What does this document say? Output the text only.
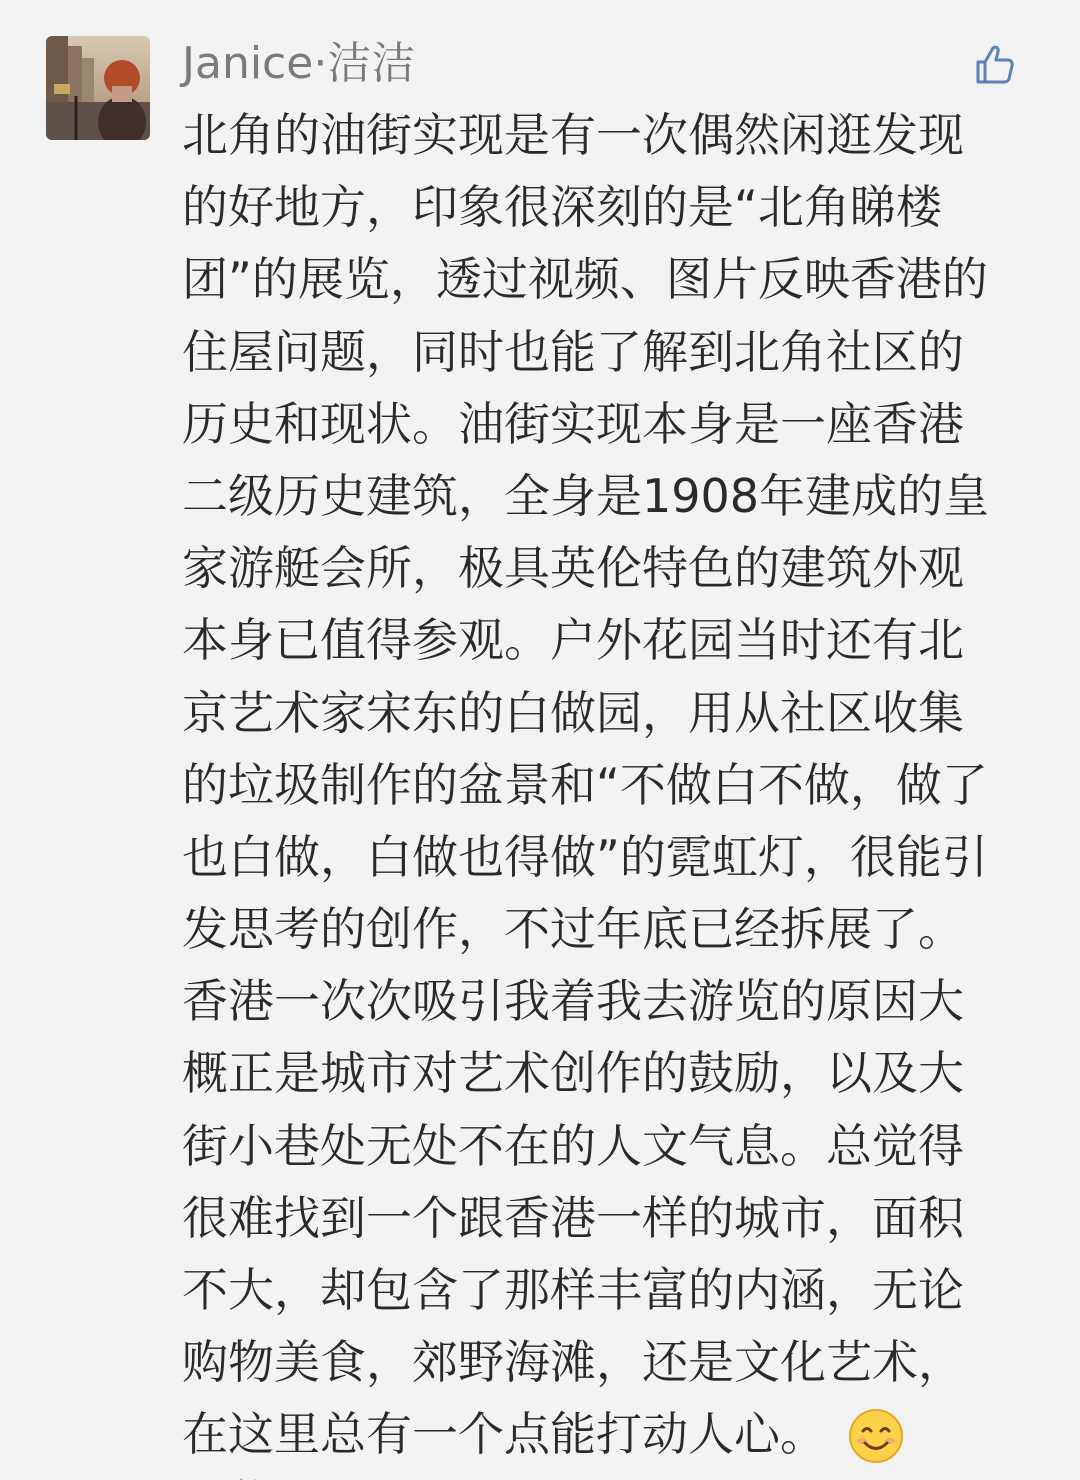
Janice·洁洁
北角的油街实现是有一次偶然闲逛发现
的好地方，印象很深刻的是“北角睇楼
团”的展览，透过视频、图片反映香港的
住屋问题，同时也能了解到北角社区的
历史和现状。油街实现本身是一座香港
二级历史建筑，全身是1908年建成的皇
家游艇会所，极具英伦特色的建筑外观
本身已值得参观。户外花园当时还有北
京艺术家宋东的白做园，用从社区收集
的垃圾制作的盆景和“不做白不做，做了
也白做，白做也得做”的霓虹灯，很能引
发思考的创作，不过年底已经拆展了。
香港一次次吸引我着我去游览的原因大
概正是城市对艺术创作的鼓励，以及大
街小巷处无处不在的人文气息。总觉得
很难找到一个跟香港一样的城市，面积
不大，却包含了那样丰富的内涵，无论
购物美食，郊野海滩，还是文化艺术，
在这里总有一个点能打动人心。
